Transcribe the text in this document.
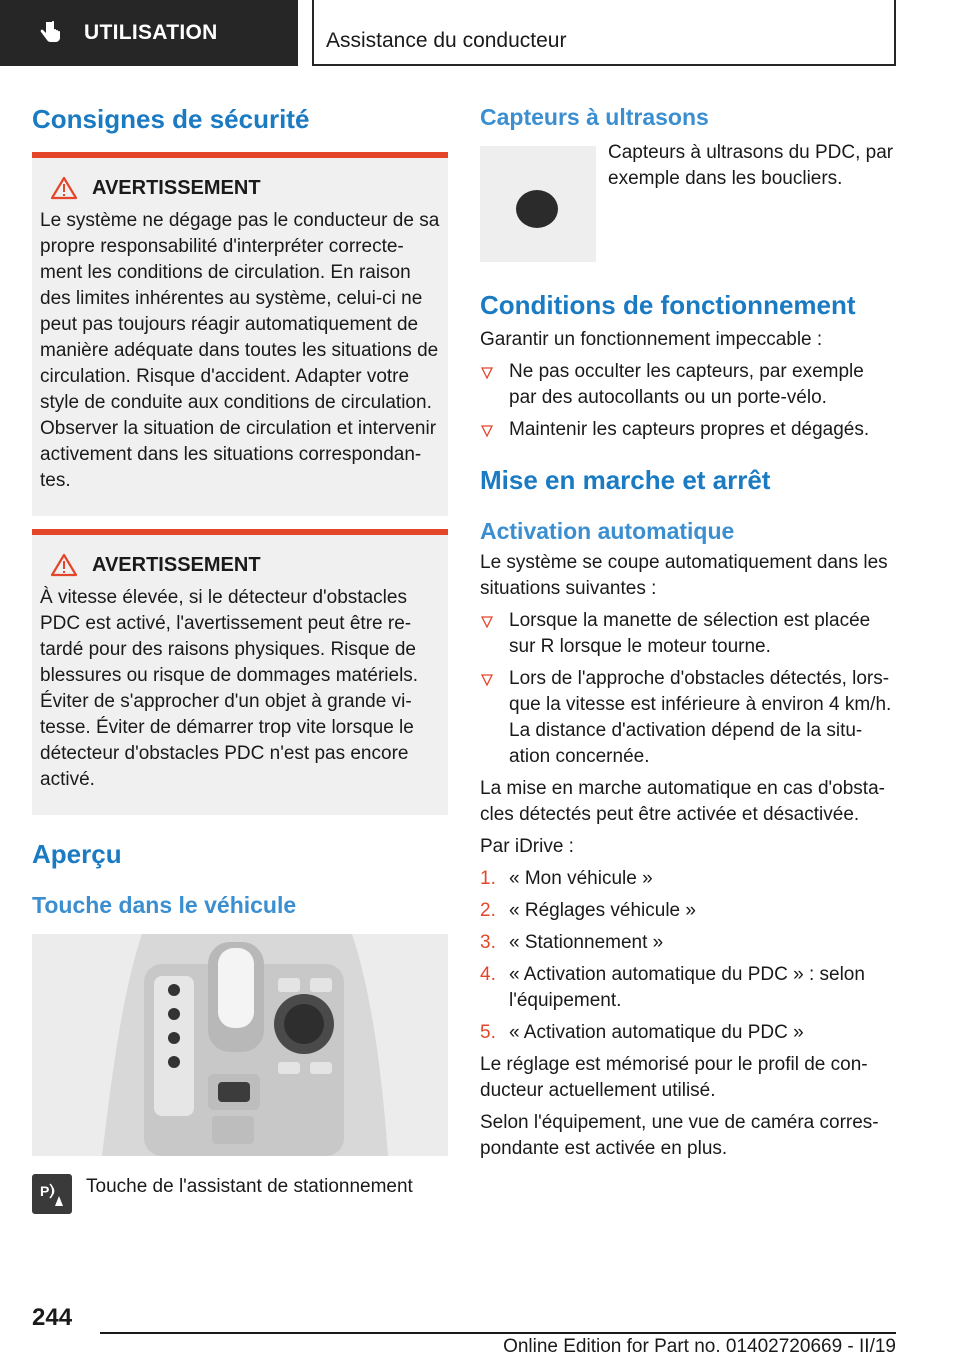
UTILISATION	Assistance du conducteur
Consignes de sécurité
AVERTISSEMENT

Le système ne dégage pas le conducteur de sa propre responsabilité d'interpréter correcte-ment les conditions de circulation. En raison des limites inhérentes au système, celui-ci ne peut pas toujours réagir automatiquement de manière adéquate dans toutes les situations de circulation. Risque d'accident. Adapter votre style de conduite aux conditions de circulation. Observer la situation de circulation et intervenir activement dans les situations correspondan-tes.

AVERTISSEMENT

À vitesse élevée, si le détecteur d'obstacles PDC est activé, l'avertissement peut être re-tardé pour des raisons physiques. Risque de blessures ou risque de dommages matériels. Éviter de s'approcher d'un objet à grande vi-tesse. Éviter de démarrer trop vite lorsque le détecteur d'obstacles PDC n'est pas encore activé.

Aperçu
Touche dans le véhicule
P Touche de l'assistant de stationnement
Capteurs à ultrasons

Capteurs à ultrasons du PDC, par exemple dans les boucliers.

Conditions de fonctionnement

Garantir un fonctionnement impeccable :

Ne pas occulter les capteurs, par exemple par des autocollants ou un porte-vélo.
Maintenir les capteurs propres et dégagés.
Mise en marche et arrêt
Activation automatique

Le système se coupe automatiquement dans les situations suivantes :

Lorsque la manette de sélection est placée sur R lorsque le moteur tourne.
Lors de l'approche d'obstacles détectés, lors-que la vitesse est inférieure à environ 4 km/h. La distance d'activation dépend de la situ-ation concernée.

La mise en marche automatique en cas d'obsta-cles détectés peut être activée et désactivée.

Par iDrive :

1. « Mon véhicule »
2. « Réglages véhicule »
3. « Stationnement »
4. « Activation automatique du PDC » : selon l'équipement.
5. « Activation automatique du PDC »

Le réglage est mémorisé pour le profil de con-ducteur actuellement utilisé.

Selon l'équipement, une vue de caméra corres-pondante est activée en plus.

244
Online Edition for Part no. 01402720669 - II/19
